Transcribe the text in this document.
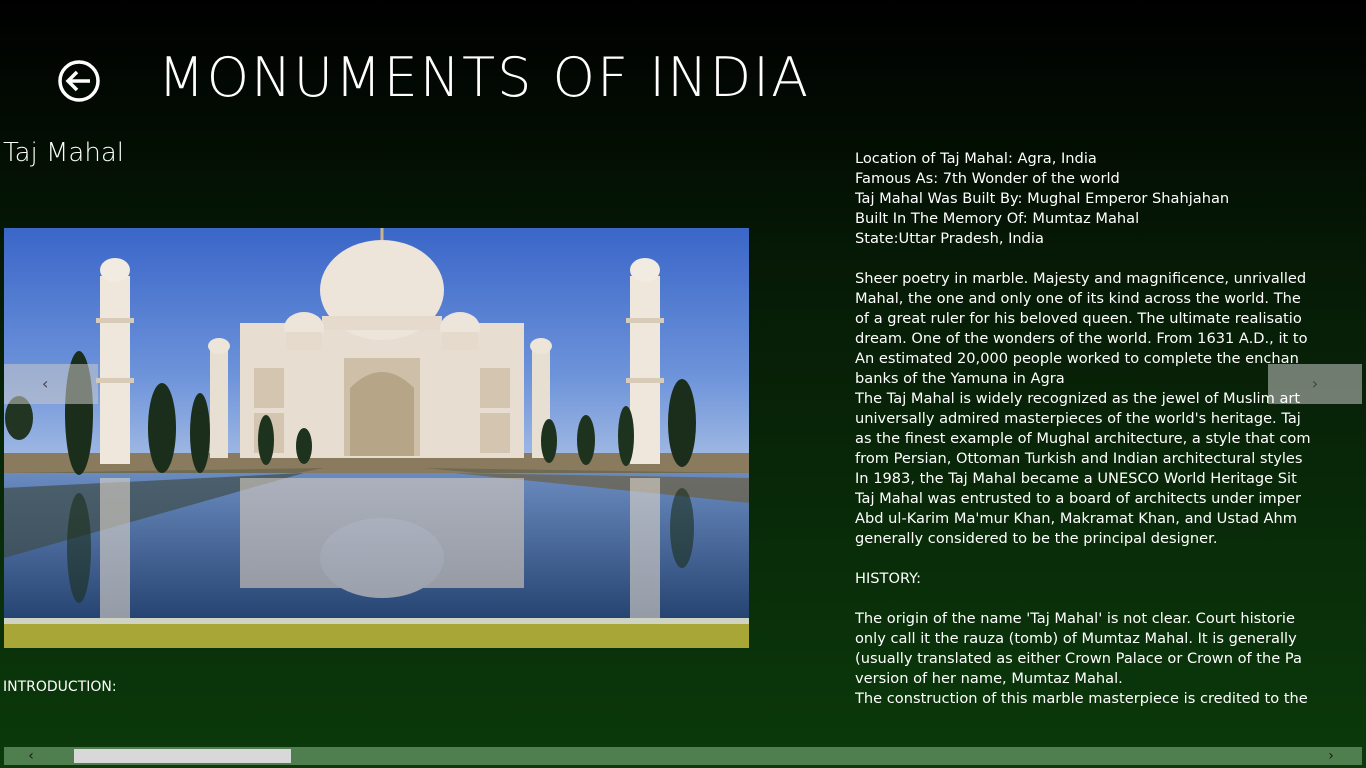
MONUMENTS OF INDIA
Taj Mahal
‹	›
INTRODUCTION:
Location of Taj Mahal: Agra, India
Famous As: 7th Wonder of the world
Taj Mahal Was Built By: Mughal Emperor Shahjahan
Built In The Memory Of: Mumtaz Mahal
State:Uttar Pradesh, India
Sheer poetry in marble. Majesty and magnificence, unrivalled
Mahal, the one and only one of its kind across the world. The
of a great ruler for his beloved queen. The ultimate realisatio
dream. One of the wonders of the world. From 1631 A.D., it to
An estimated 20,000 people worked to complete the enchan
banks of the Yamuna in Agra
The Taj Mahal is widely recognized as the jewel of Muslim art
universally admired masterpieces of the world's heritage. Taj
as the finest example of Mughal architecture, a style that com
from Persian, Ottoman Turkish and Indian architectural styles
In 1983, the Taj Mahal became a UNESCO World Heritage Sit
Taj Mahal was entrusted to a board of architects under imper
Abd ul-Karim Ma'mur Khan, Makramat Khan, and Ustad Ahm
generally considered to be the principal designer.
HISTORY:
The origin of the name 'Taj Mahal' is not clear. Court historie
only call it the rauza (tomb) of Mumtaz Mahal. It is generally
(usually translated as either Crown Palace or Crown of the Pa
version of her name, Mumtaz Mahal.
The construction of this marble masterpiece is credited to the
‹	›
